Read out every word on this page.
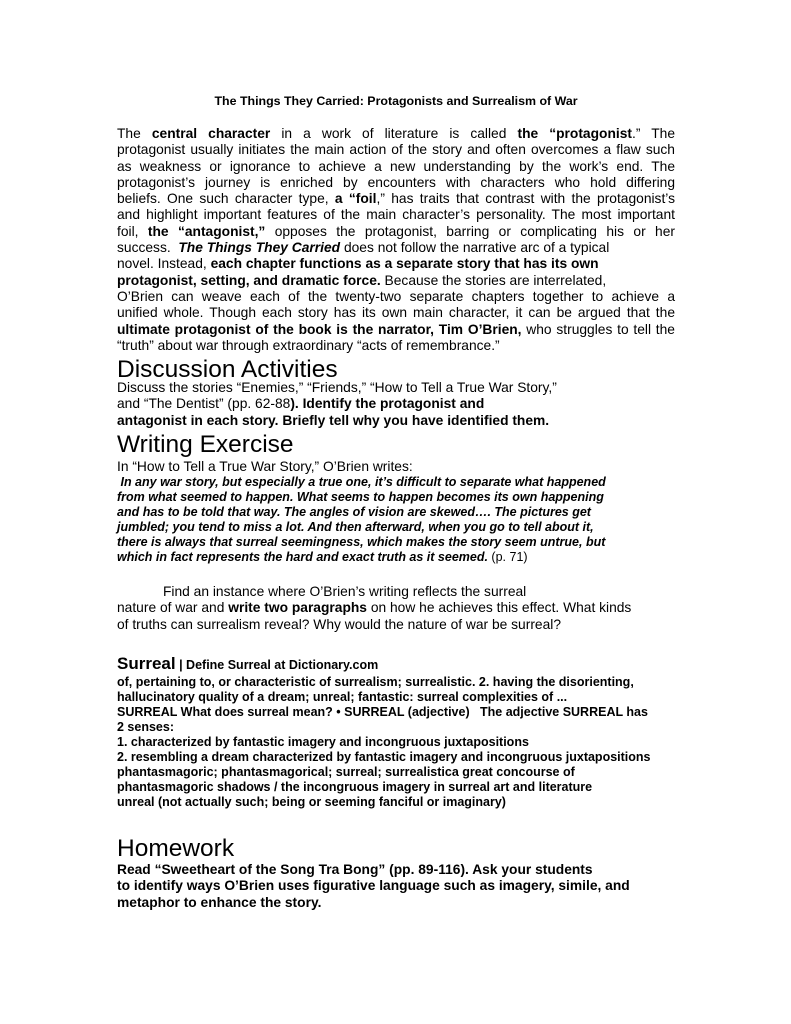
The Things They Carried: Protagonists and Surrealism of War
The central character in a work of literature is called the “protagonist.” The
protagonist usually initiates the main action of the story and often overcomes a flaw such
as weakness or ignorance to achieve a new understanding by the work’s end. The
protagonist’s journey is enriched by encounters with characters who hold differing
beliefs. One such character type, a “foil,” has traits that contrast with the protagonist’s
and highlight important features of the main character’s personality. The most important
foil, the “antagonist,” opposes the protagonist, barring or complicating his or her
success.  The Things They Carried does not follow the narrative arc of a typical
novel. Instead, each chapter functions as a separate story that has its own
protagonist, setting, and dramatic force. Because the stories are interrelated,
O’Brien can weave each of the twenty-two separate chapters together to achieve a
unified whole. Though each story has its own main character, it can be argued that the
ultimate protagonist of the book is the narrator, Tim O’Brien, who struggles to tell the
“truth” about war through extraordinary “acts of remembrance.”
Discussion Activities
Discuss the stories “Enemies,” “Friends,” “How to Tell a True War Story,”
and “The Dentist” (pp. 62-88). Identify the protagonist and
antagonist in each story. Briefly tell why you have identified them.
Writing Exercise
In “How to Tell a True War Story,” O’Brien writes:
In any war story, but especially a true one, it’s difficult to separate what happened
from what seemed to happen. What seems to happen becomes its own happening
and has to be told that way. The angles of vision are skewed…. The pictures get
jumbled; you tend to miss a lot. And then afterward, when you go to tell about it,
there is always that surreal seemingness, which makes the story seem untrue, but
which in fact represents the hard and exact truth as it seemed. (p. 71)
Find an instance where O’Brien’s writing reflects the surreal
nature of war and write two paragraphs on how he achieves this effect. What kinds
of truths can surrealism reveal? Why would the nature of war be surreal?
Surreal | Define Surreal at Dictionary.com
of, pertaining to, or characteristic of surrealism; surrealistic. 2. having the disorienting,
hallucinatory quality of a dream; unreal; fantastic: surreal complexities of ...
SURREAL What does surreal mean? • SURREAL (adjective)   The adjective SURREAL has
2 senses:
1. characterized by fantastic imagery and incongruous juxtapositions
2. resembling a dream characterized by fantastic imagery and incongruous juxtapositions
phantasmagoric; phantasmagorical; surreal; surrealistica great concourse of
phantasmagoric shadows / the incongruous imagery in surreal art and literature
unreal (not actually such; being or seeming fanciful or imaginary)
Homework
Read “Sweetheart of the Song Tra Bong” (pp. 89-116). Ask your students
to identify ways O’Brien uses figurative language such as imagery, simile, and
metaphor to enhance the story.
